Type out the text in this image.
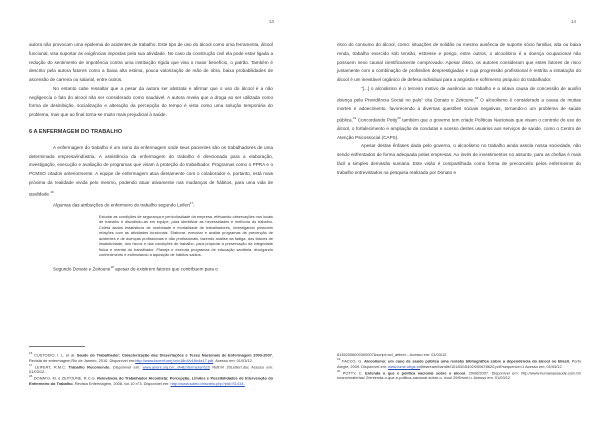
13

autora não provocam uma epidemia de acidentes de trabalho. Este tipo de uso do álcool como uma ferramenta, álcool funcional, visa suportar as exigências impostas pela sua atividade. No caso da construção civil ela pode estar ligada a redução do sentimento de impotência contra uma instituição rígida que visa o maior benefício, o patrão. Também é descrito pela autora fatores como a baixa alta estima, pouca valorização de mão de obra, baixa probabilidades de ascensão de carreira ou salarial, entre outros.

No entanto cabe ressaltar que a pesar da autora ser abstrata e afirmar que o uso do álcool é a não negligencia o fato do alcool não ser considerado como saudável. A autora revela que a droga ao ser utilizada como forma de desinibição, socialização e alteração da percepção do tempo é vista como uma solução temporária do problema, mas que ao final torna-se muito mais prejudicial à saúde.

6 A ENFERMAGEM DO TRABALHO

A enfermagem do trabalho é um ramo da enfermagem onde seus pacientes são os trabalhadores de uma determinada empresa/indústria. A assistência da enfermagem do trabalho é direcionada para a elaboração, investigação, execução e avaliação de programas que visam à proteção do trabalhador. Programas como o PPRA e o PCMSO citados anteriormente. A equipe de enfermagem atua diretamente com o colaborador e, portanto, está mais próxima da realidade vivida pelo mesmo, podendo atuar ativamente nas mudanças de hábitos, para uma vida de qualidade.$^{16}$

Algumas das atribuições do enfermeiro do trabalho segundo Leifert$^{17}$:

Estudar as condições de segurança e periculosidade da empresa, efetuando observações nos locais de trabalho e discutindo-as em equipe, para identificar as necessidades e melhoria do trabalho. Coleta dados estatísticos de morbidade e mortalidade de trabalhadores, investigando possíveis relações com as atividades funcionais. Elaborar, executar e avaliar programas de prevenção de acidentes e de doenças profissionais e não profissionais, fazendo análise da fadiga, dos fatores de insalubridade, dos riscos e das condições de trabalho, para propiciar a preservação da integridade física e mental do trabalhador. Planeja e executa programas de educação sanitária, divulgando conhecimento e estimulando a aquisição de hábitos sadios.

Segundo Donato e Zeitoune$^{18}$ apesar de existirem fatores que contribuem para o

$^{16}$ CUSTODIO, I. L. et al. Saúde do Trabalhador: Caracterização das Dissertações e Teses Nacionais de Enfermagem 2003-2007. Revista de enfermagem Rio de Janeiro, 2010. Disponível em:http://www.facenf.uerj.br/v18n4/v18n4a17.pdf. Acesso em: 01/03/12.

$^{17}$ LEIFERT, R.M.C. Trabalho Recomendo. Disponível em: www.anent.org.br/.../A4Enfermeira%20 Ruth% 20Leifert.doc Acesso em: 01/03/12.

$^{18}$ DONATO, M. e ZEITOUNE, R.C.G. Relevância do Trabalhador Alcoolista: Percepção, Limites e Possibilidades de Intervenção do Enfermeiro do Trabalho. Revista Enfermagem, 2008, vol.10 n°3. Disponível em: http://www.scielo.br/scielo.php?pid=S1414-

14

risco do consumo do álcool, como: situações de solidão ou mesmo ausência de suporte sócio familiar, alta ou baixa renda, trabalho exercido sob tensão, estresse e perigo, entre outros, o alcoolismo é a doença ocupacional não possuem nexo causal cientificamente comprovado. Apesar disso, os autores consideram que estes fatores de risco juntamente com a combinação de profissões desprestigiadas e cuja progressão profissional é restrita a instalação do álcool é um inevitável orgânico de defesa individual para a angústia e sofrimento psíquico do trabalhador.

"[...] o alcoolismo é o terceiro motivo de ausência ao trabalho e a oitava causa de concessão de auxílio doença pela Previdência Social no país" cita Donato e Zeitoune.$^{18}$ O alcoolismo é considerado a causa de muitas mortes e adoecimento, favorecendo a diversas questões sociais negativas, tornando-o um problema de saúde pública.$^{19}$ Concordando Potty$^{20}$ também que o governo tem criado Políticas Nacionais que visam o controle do uso do álcool, o fortalecimento e ampliação de condutas e acesso destes usuários aos serviços de saúde, como o Centro de Atenção Psicossocial (CAPS).

Apesar destas ênfases dada pelo governo, o alcoolismo no trabalho ainda assola nossa sociedade, não sendo enfrentados de forma adequada pelas empresas. Ao invés de investimentos no assunto, para as chefias é mais fácil a simples demissão sumária. Este visão é compartilhada como forma de preconceito pelos enfermeiros do trabalho entrevistados na pesquisa realizada por Donato e

81452006000300007&script=sci_arttext – Acesso em: 01/03/12.

$^{19}$ FACCO, G. Alcoolismo: um caso de saúde pública uma revisão bibliográfica sobre a dependência do álcool no Brasil. Porto Alegre, 2009. Disponível em: www.lume.ufrgs.br/bitstream/handle/10183/15492/000678620.pdf?sequence=1 Acesso em: 01/03/12.

$^{20}$ POTTY, C. Entenda o que é política nacional sobre o álcool. 29/06/2007. Disponível em: http://www.humanaesaude.com.br/ noano/materias/ 2/entenda-o-que-e-politica-nacional-sobre-o- lcool 29/6/nmt.u. Acesso em: 01/03/12
